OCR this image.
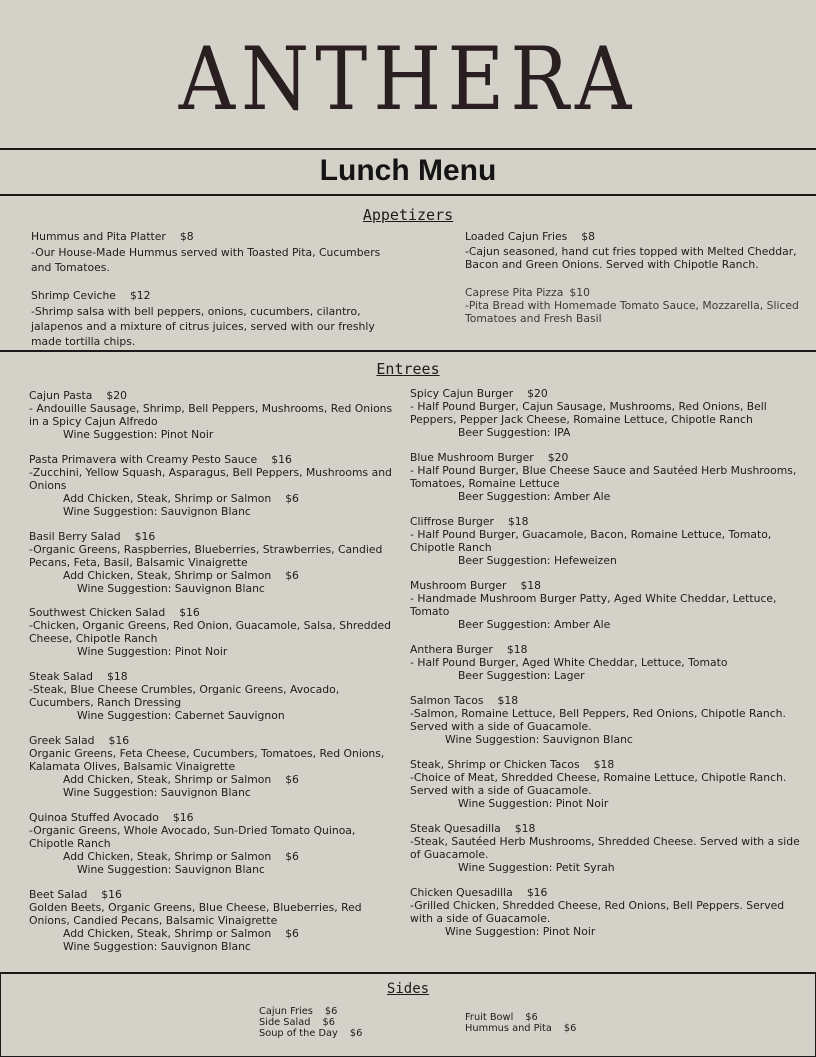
ANTHERA
Lunch Menu
Appetizers
Hummus and Pita Platter $8
-Our House-Made Hummus served with Toasted Pita, Cucumbers and Tomatoes.
Shrimp Ceviche $12
-Shrimp salsa with bell peppers, onions, cucumbers, cilantro, jalapenos and a mixture of citrus juices, served with our freshly made tortilla chips.
Loaded Cajun Fries $8
-Cajun seasoned, hand cut fries topped with Melted Cheddar, Bacon and Green Onions. Served with Chipotle Ranch.
Caprese Pita Pizza $10
-Pita Bread with Homemade Tomato Sauce, Mozzarella, Sliced Tomatoes and Fresh Basil
Entrees
Cajun Pasta $20
- Andouille Sausage, Shrimp, Bell Peppers, Mushrooms, Red Onions in a Spicy Cajun Alfredo
Wine Suggestion: Pinot Noir
Pasta Primavera with Creamy Pesto Sauce $16
-Zucchini, Yellow Squash, Asparagus, Bell Peppers, Mushrooms and Onions
Add Chicken, Steak, Shrimp or Salmon $6
Wine Suggestion: Sauvignon Blanc
Basil Berry Salad $16
-Organic Greens, Raspberries, Blueberries, Strawberries, Candied Pecans, Feta, Basil, Balsamic Vinaigrette
Add Chicken, Steak, Shrimp or Salmon $6
Wine Suggestion: Sauvignon Blanc
Southwest Chicken Salad $16
-Chicken, Organic Greens, Red Onion, Guacamole, Salsa, Shredded Cheese, Chipotle Ranch
Wine Suggestion: Pinot Noir
Steak Salad $18
-Steak, Blue Cheese Crumbles, Organic Greens, Avocado, Cucumbers, Ranch Dressing
Wine Suggestion: Cabernet Sauvignon
Greek Salad $16
Organic Greens, Feta Cheese, Cucumbers, Tomatoes, Red Onions, Kalamata Olives, Balsamic Vinaigrette
Add Chicken, Steak, Shrimp or Salmon $6
Wine Suggestion: Sauvignon Blanc
Quinoa Stuffed Avocado $16
-Organic Greens, Whole Avocado, Sun-Dried Tomato Quinoa, Chipotle Ranch
Add Chicken, Steak, Shrimp or Salmon $6
Wine Suggestion: Sauvignon Blanc
Beet Salad $16
Golden Beets, Organic Greens, Blue Cheese, Blueberries, Red Onions, Candied Pecans, Balsamic Vinaigrette
Add Chicken, Steak, Shrimp or Salmon $6
Wine Suggestion: Sauvignon Blanc
Spicy Cajun Burger $20
- Half Pound Burger, Cajun Sausage, Mushrooms, Red Onions, Bell Peppers, Pepper Jack Cheese, Romaine Lettuce, Chipotle Ranch
Beer Suggestion: IPA
Blue Mushroom Burger $20
- Half Pound Burger, Blue Cheese Sauce and Sautéed Herb Mushrooms, Tomatoes, Romaine Lettuce
Beer Suggestion: Amber Ale
Cliffrose Burger $18
- Half Pound Burger, Guacamole, Bacon, Romaine Lettuce, Tomato, Chipotle Ranch
Beer Suggestion: Hefeweizen
Mushroom Burger $18
- Handmade Mushroom Burger Patty, Aged White Cheddar, Lettuce, Tomato
Beer Suggestion: Amber Ale
Anthera Burger $18
- Half Pound Burger, Aged White Cheddar, Lettuce, Tomato
Beer Suggestion: Lager
Salmon Tacos $18
-Salmon, Romaine Lettuce, Bell Peppers, Red Onions, Chipotle Ranch. Served with a side of Guacamole.
Wine Suggestion: Sauvignon Blanc
Steak, Shrimp or Chicken Tacos $18
-Choice of Meat, Shredded Cheese, Romaine Lettuce, Chipotle Ranch. Served with a side of Guacamole.
Wine Suggestion: Pinot Noir
Steak Quesadilla $18
-Steak, Sautéed Herb Mushrooms, Shredded Cheese. Served with a side of Guacamole.
Wine Suggestion: Petit Syrah
Chicken Quesadilla $16
-Grilled Chicken, Shredded Cheese, Red Onions, Bell Peppers. Served with a side of Guacamole.
Wine Suggestion: Pinot Noir
Sides
Cajun Fries $6
Side Salad $6
Soup of the Day $6
Fruit Bowl $6
Hummus and Pita $6
